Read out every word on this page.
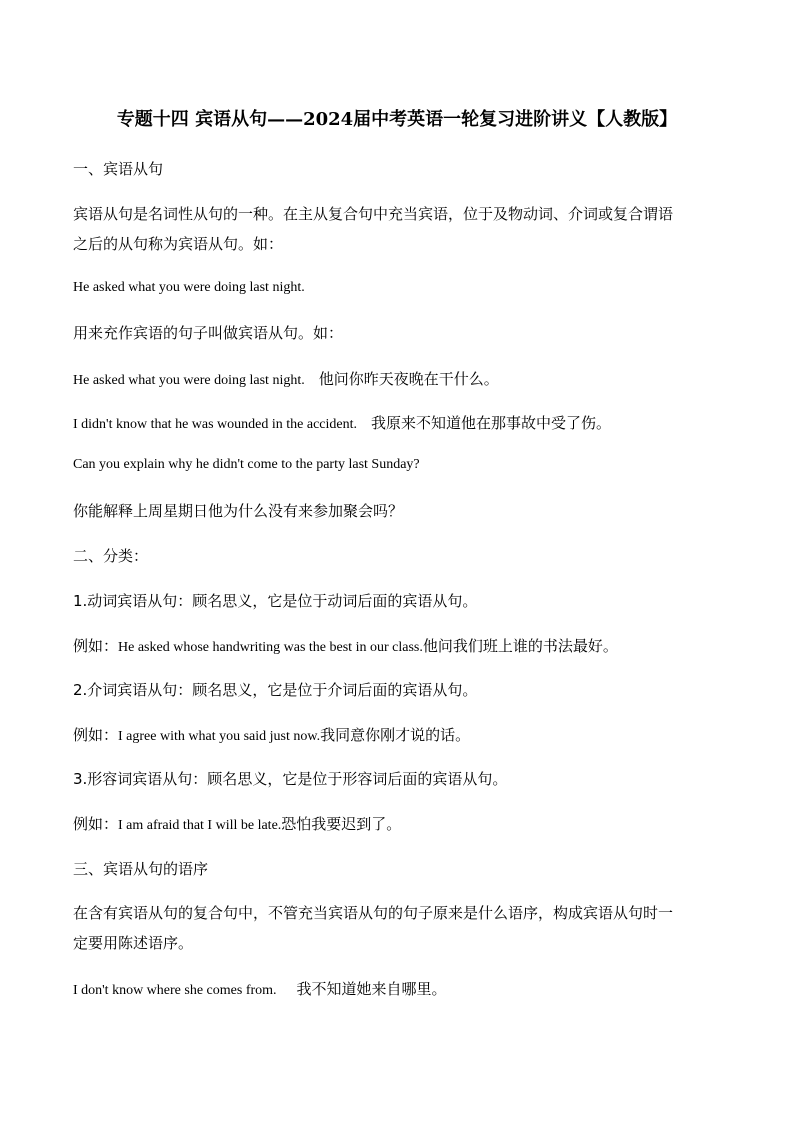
专题十四 宾语从句——2024届中考英语一轮复习进阶讲义【人教版】
一、宾语从句
宾语从句是名词性从句的一种。在主从复合句中充当宾语，位于及物动词、介词或复合谓语
之后的从句称为宾语从句。如：
He asked what you were doing last night.
用来充作宾语的句子叫做宾语从句。如：
He asked what you were doing last night. 他问你昨天夜晚在干什么。
I didn't know that he was wounded in the accident. 我原来不知道他在那事故中受了伤。
Can you explain why he didn't come to the party last Sunday?
你能解释上周星期日他为什么没有来参加聚会吗？
二、分类：
1.动词宾语从句：顾名思义，它是位于动词后面的宾语从句。
例如：He asked whose handwriting was the best in our class.他问我们班上谁的书法最好。
2.介词宾语从句：顾名思义，它是位于介词后面的宾语从句。
例如：I agree with what you said just now.我同意你刚才说的话。
3.形容词宾语从句：顾名思义，它是位于形容词后面的宾语从句。
例如：I am afraid that I will be late.恐怕我要迟到了。
三、宾语从句的语序
在含有宾语从句的复合句中，不管充当宾语从句的句子原来是什么语序，构成宾语从句时一
定要用陈述语序。
I don't know where she comes from. 我不知道她来自哪里。
